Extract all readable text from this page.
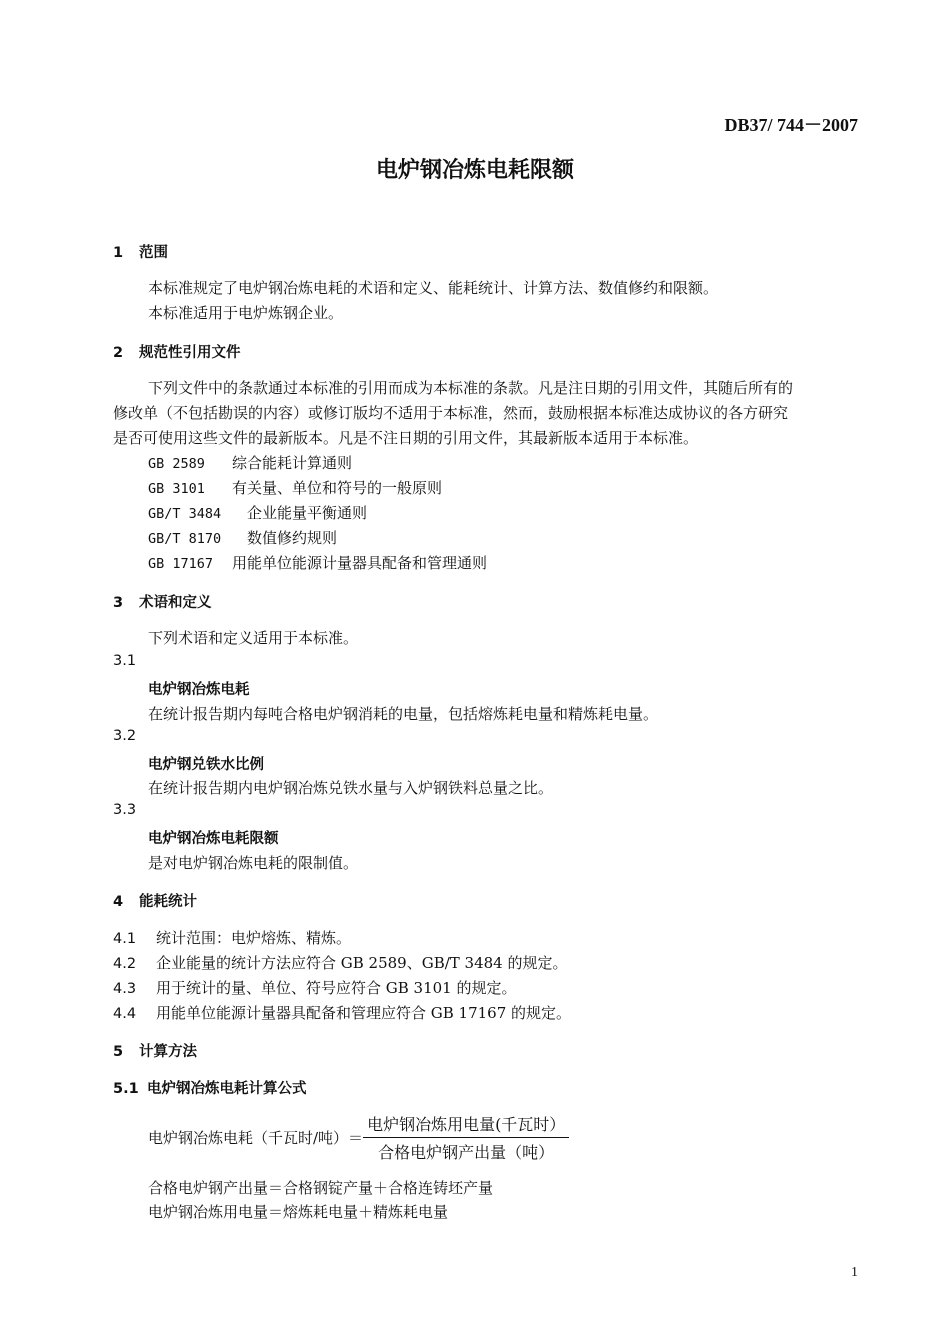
DB37/ 744－2007
电炉钢冶炼电耗限额
1 范围
本标准规定了电炉钢冶炼电耗的术语和定义、能耗统计、计算方法、数值修约和限额。
本标准适用于电炉炼钢企业。
2 规范性引用文件
下列文件中的条款通过本标准的引用而成为本标准的条款。凡是注日期的引用文件，其随后所有的
修改单（不包括勘误的内容）或修订版均不适用于本标准，然而，鼓励根据本标准达成协议的各方研究
是否可使用这些文件的最新版本。凡是不注日期的引用文件，其最新版本适用于本标准。
GB 2589 综合能耗计算通则
GB 3101 有关量、单位和符号的一般原则
GB/T 3484 企业能量平衡通则
GB/T 8170 数值修约规则
GB 17167 用能单位能源计量器具配备和管理通则
3 术语和定义
下列术语和定义适用于本标准。
3.1
电炉钢冶炼电耗
在统计报告期内每吨合格电炉钢消耗的电量，包括熔炼耗电量和精炼耗电量。
3.2
电炉钢兑铁水比例
在统计报告期内电炉钢冶炼兑铁水量与入炉钢铁料总量之比。
3.3
电炉钢冶炼电耗限额
是对电炉钢冶炼电耗的限制值。
4 能耗统计
4.1 统计范围：电炉熔炼、精炼。
4.2 企业能量的统计方法应符合 GB 2589、GB/T 3484 的规定。
4.3 用于统计的量、单位、符号应符合 GB 3101 的规定。
4.4 用能单位能源计量器具配备和管理应符合 GB 17167 的规定。
5 计算方法
5.1 电炉钢冶炼电耗计算公式
电炉钢冶炼电耗（千瓦时/吨）＝ $\frac{\text{电炉钢冶炼用电量(千瓦时）}}{\text{合格电炉钢产出量（吨）}}$
合格电炉钢产出量＝合格钢锭产量＋合格连铸坯产量
电炉钢冶炼用电量＝熔炼耗电量＋精炼耗电量
1
